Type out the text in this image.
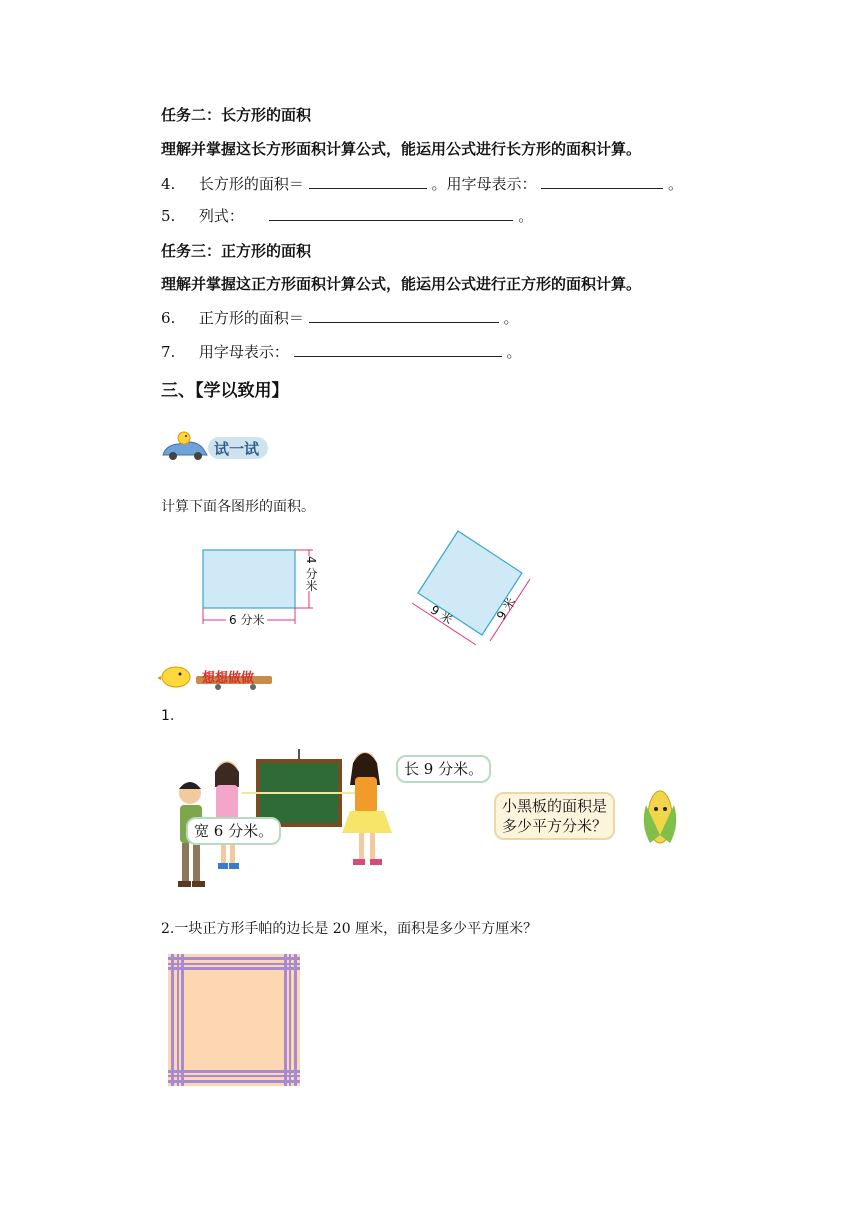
任务二：长方形的面积
理解并掌握这长方形面积计算公式，能运用公式进行长方形的面积计算。
4. 长方形的面积＝	。用字母表示：	。
5. 列式：	。
任务三：正方形的面积
理解并掌握这正方形面积计算公式，能运用公式进行正方形的面积计算。
6. 正方形的面积＝	。
7. 用字母表示：	。
三、【学以致用】
试一试
计算下面各图形的面积。
6 分米
4 分米
9 米	9 米
想想做做
1.
长 9 分米。
宽 6 分米。
小黑板的面积是
多少平方分米？
2.一块正方形手帕的边长是 20 厘米，面积是多少平方厘米？
